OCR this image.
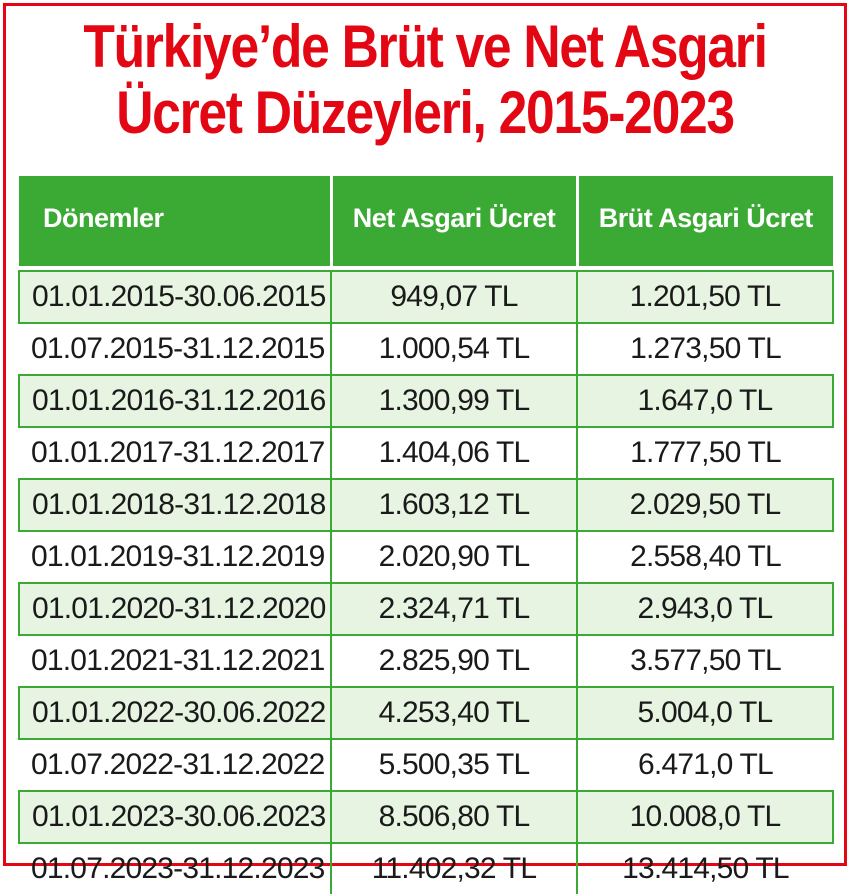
Türkiye’de Brüt ve Net Asgari
Ücret Düzeyleri, 2015-2023
Dönemler	Net Asgari Ücret	Brüt Asgari Ücret

01.01.2015-30.06.2015	949,07 TL	1.201,50 TL
01.07.2015-31.12.2015	1.000,54 TL	1.273,50 TL
01.01.2016-31.12.2016	1.300,99 TL	1.647,0 TL
01.01.2017-31.12.2017	1.404,06 TL	1.777,50 TL
01.01.2018-31.12.2018	1.603,12 TL	2.029,50 TL
01.01.2019-31.12.2019	2.020,90 TL	2.558,40 TL
01.01.2020-31.12.2020	2.324,71 TL	2.943,0 TL
01.01.2021-31.12.2021	2.825,90 TL	3.577,50 TL
01.01.2022-30.06.2022	4.253,40 TL	5.004,0 TL
01.07.2022-31.12.2022	5.500,35 TL	6.471,0 TL
01.01.2023-30.06.2023	8.506,80 TL	10.008,0 TL
01.07.2023-31.12.2023	11.402,32 TL	13.414,50 TL
